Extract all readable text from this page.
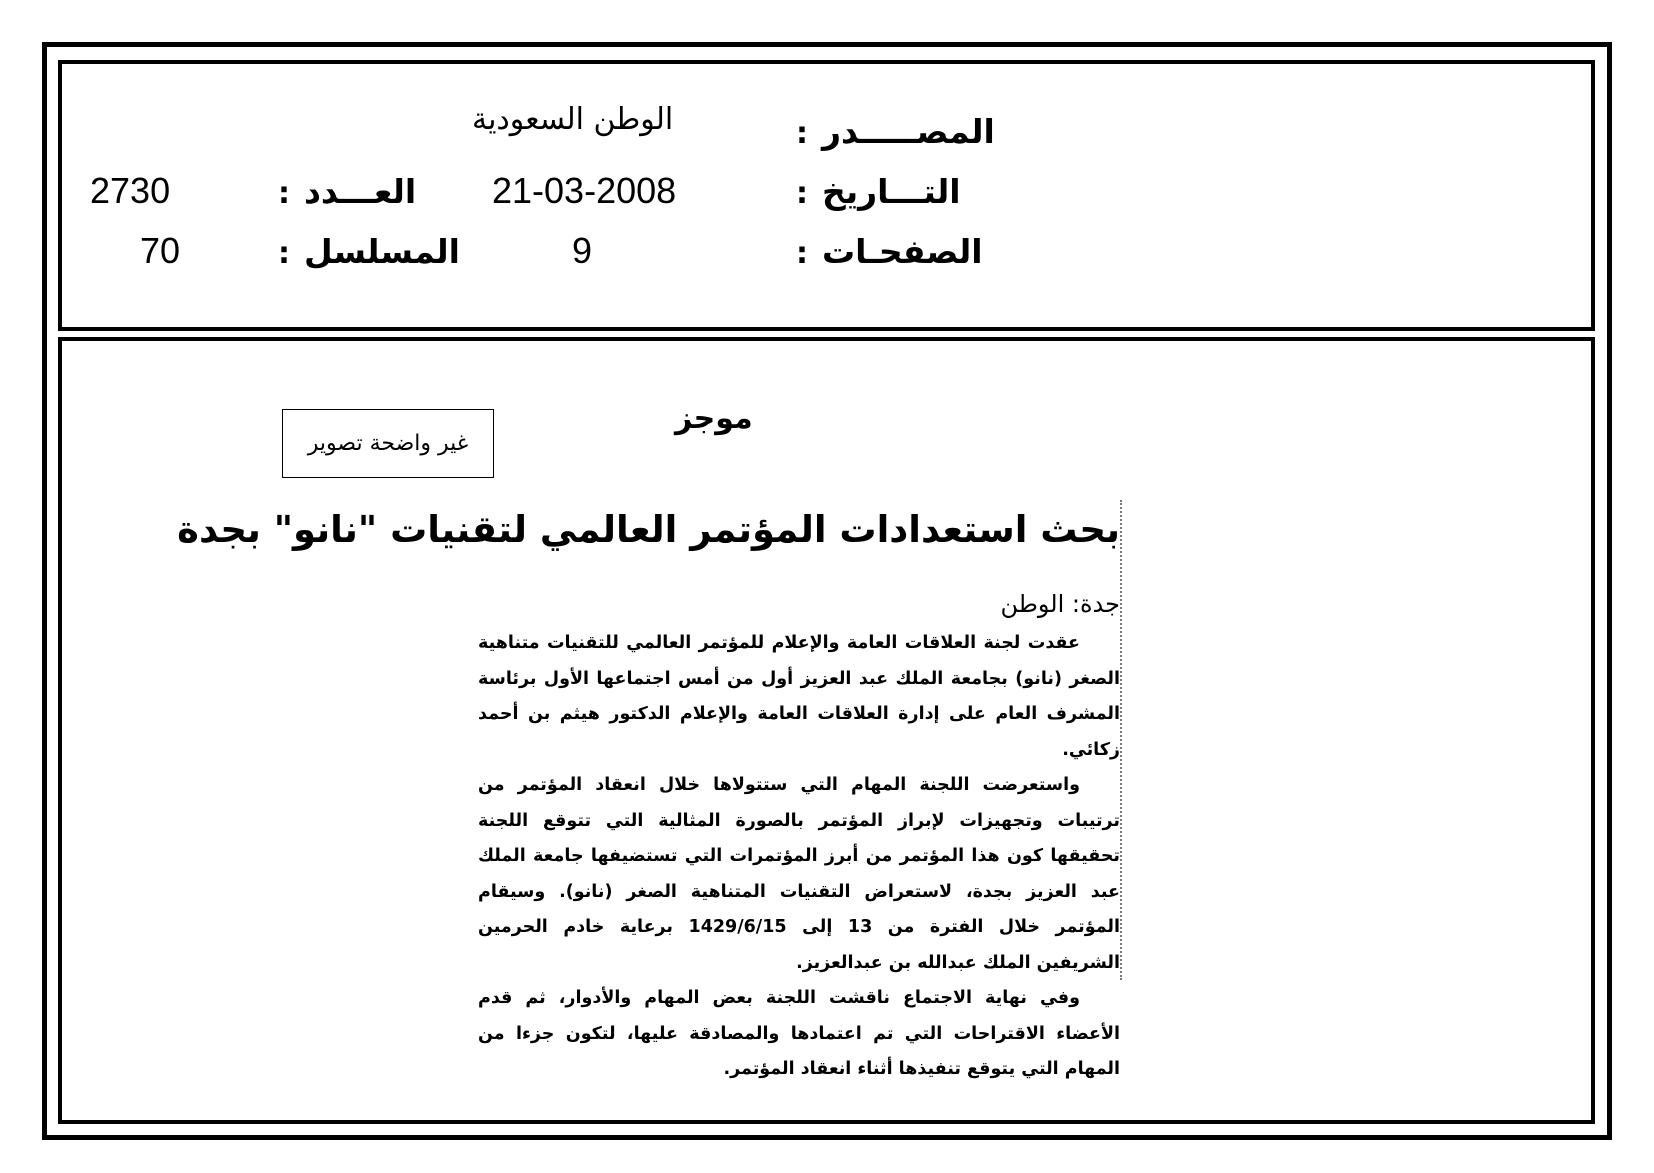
المصـــــدر
:
الوطن السعودية
التـــاريخ
:
21-03-2008
العـــدد
:
2730
الصفحـات
:
9
المسلسل
:
70
غير واضحة تصوير
موجز
بحث استعدادات المؤتمر العالمي لتقنيات "نانو" بجدة
جدة: الوطن

عقدت لجنة العلاقات العامة والإعلام للمؤتمر العالمي للتقنيات متناهية الصغر (نانو) بجامعة الملك عبد العزيز أول من أمس اجتماعها الأول برئاسة المشرف العام على إدارة العلاقات العامة والإعلام الدكتور هيثم بن أحمد زكائي.

واستعرضت اللجنة المهام التي ستتولاها خلال انعقاد المؤتمر من ترتيبات وتجهيزات لإبراز المؤتمر بالصورة المثالية التي تتوقع اللجنة تحقيقها كون هذا المؤتمر من أبرز المؤتمرات التي تستضيفها جامعة الملك عبد العزيز بجدة، لاستعراض التقنيات المتناهية الصغر (نانو). وسيقام المؤتمر خلال الفترة من 13 إلى 1429/6/15 برعاية خادم الحرمين الشريفين الملك عبدالله بن عبدالعزيز.

وفي نهاية الاجتماع ناقشت اللجنة بعض المهام والأدوار، ثم قدم الأعضاء الاقتراحات التي تم اعتمادها والمصادقة عليها، لتكون جزءا من المهام التي يتوقع تنفيذها أثناء انعقاد المؤتمر.
